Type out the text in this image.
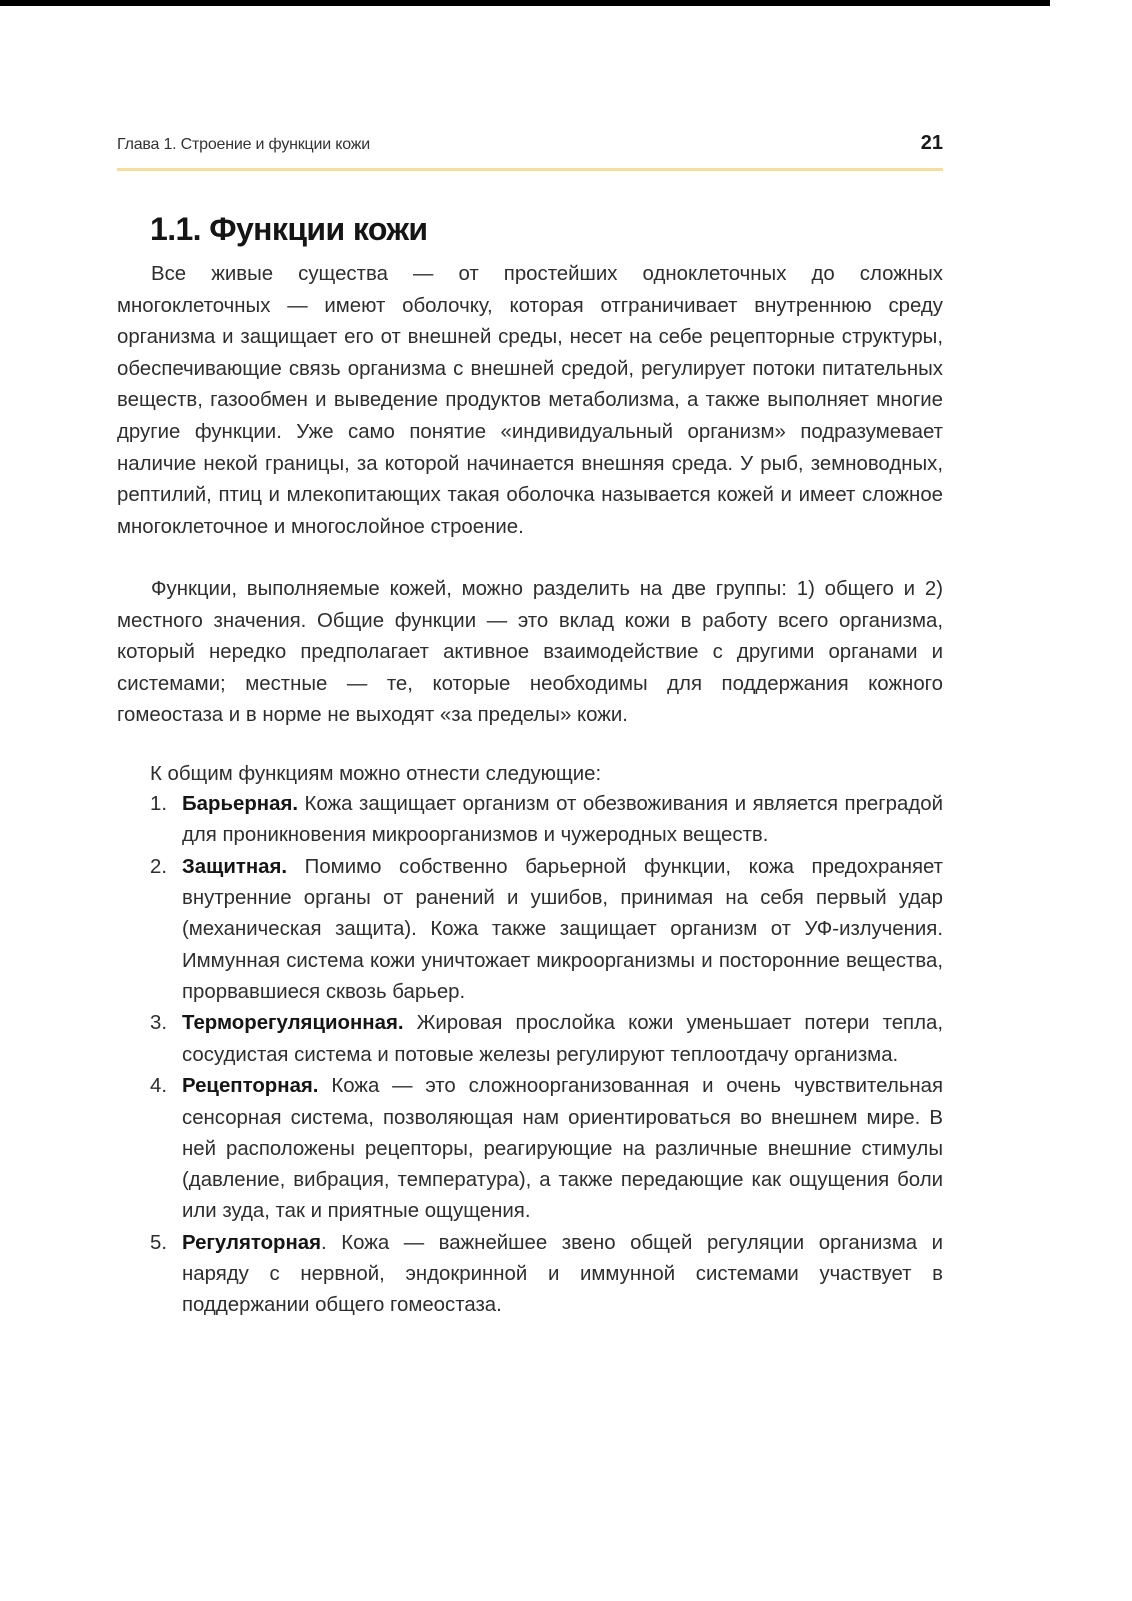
Глава 1. Строение и функции кожи	21
1.1. Функции кожи

Все живые существа — от простейших одноклеточных до сложных многоклеточных — имеют оболочку, которая отграничивает внутреннюю среду организма и защищает его от внешней среды, несет на себе рецепторные структуры, обеспечивающие связь организма с внешней средой, регулирует потоки питательных веществ, газообмен и выведение продуктов метаболизма, а также выполняет многие другие функции. Уже само понятие «индивидуальный организм» подразумевает наличие некой границы, за которой начинается внешняя среда. У рыб, земноводных, рептилий, птиц и млекопитающих такая оболочка называется кожей и имеет сложное многоклеточное и многослойное строение.

Функции, выполняемые кожей, можно разделить на две группы: 1) общего и 2) местного значения. Общие функции — это вклад кожи в работу всего организма, который нередко предполагает активное взаимодействие с другими органами и системами; местные — те, которые необходимы для поддержания кожного гомеостаза и в норме не выходят «за пределы» кожи.

К общим функциям можно отнести следующие:

1. Барьерная. Кожа защищает организм от обезвоживания и является преградой для проникновения микроорганизмов и чужеродных веществ.
2. Защитная. Помимо собственно барьерной функции, кожа предохраняет внутренние органы от ранений и ушибов, принимая на себя первый удар (механическая защита). Кожа также защищает организм от УФ-излучения. Иммунная система кожи уничтожает микроорганизмы и посторонние вещества, прорвавшиеся сквозь барьер.
3. Терморегуляционная. Жировая прослойка кожи уменьшает потери тепла, сосудистая система и потовые железы регулируют теплоотдачу организма.
4. Рецепторная. Кожа — это сложноорганизованная и очень чувствительная сенсорная система, позволяющая нам ориентироваться во внешнем мире. В ней расположены рецепторы, реагирующие на различные внешние стимулы (давление, вибрация, температура), а также передающие как ощущения боли или зуда, так и приятные ощущения.
5. Регуляторная. Кожа — важнейшее звено общей регуляции организма и наряду с нервной, эндокринной и иммунной системами участвует в поддержании общего гомеостаза.
